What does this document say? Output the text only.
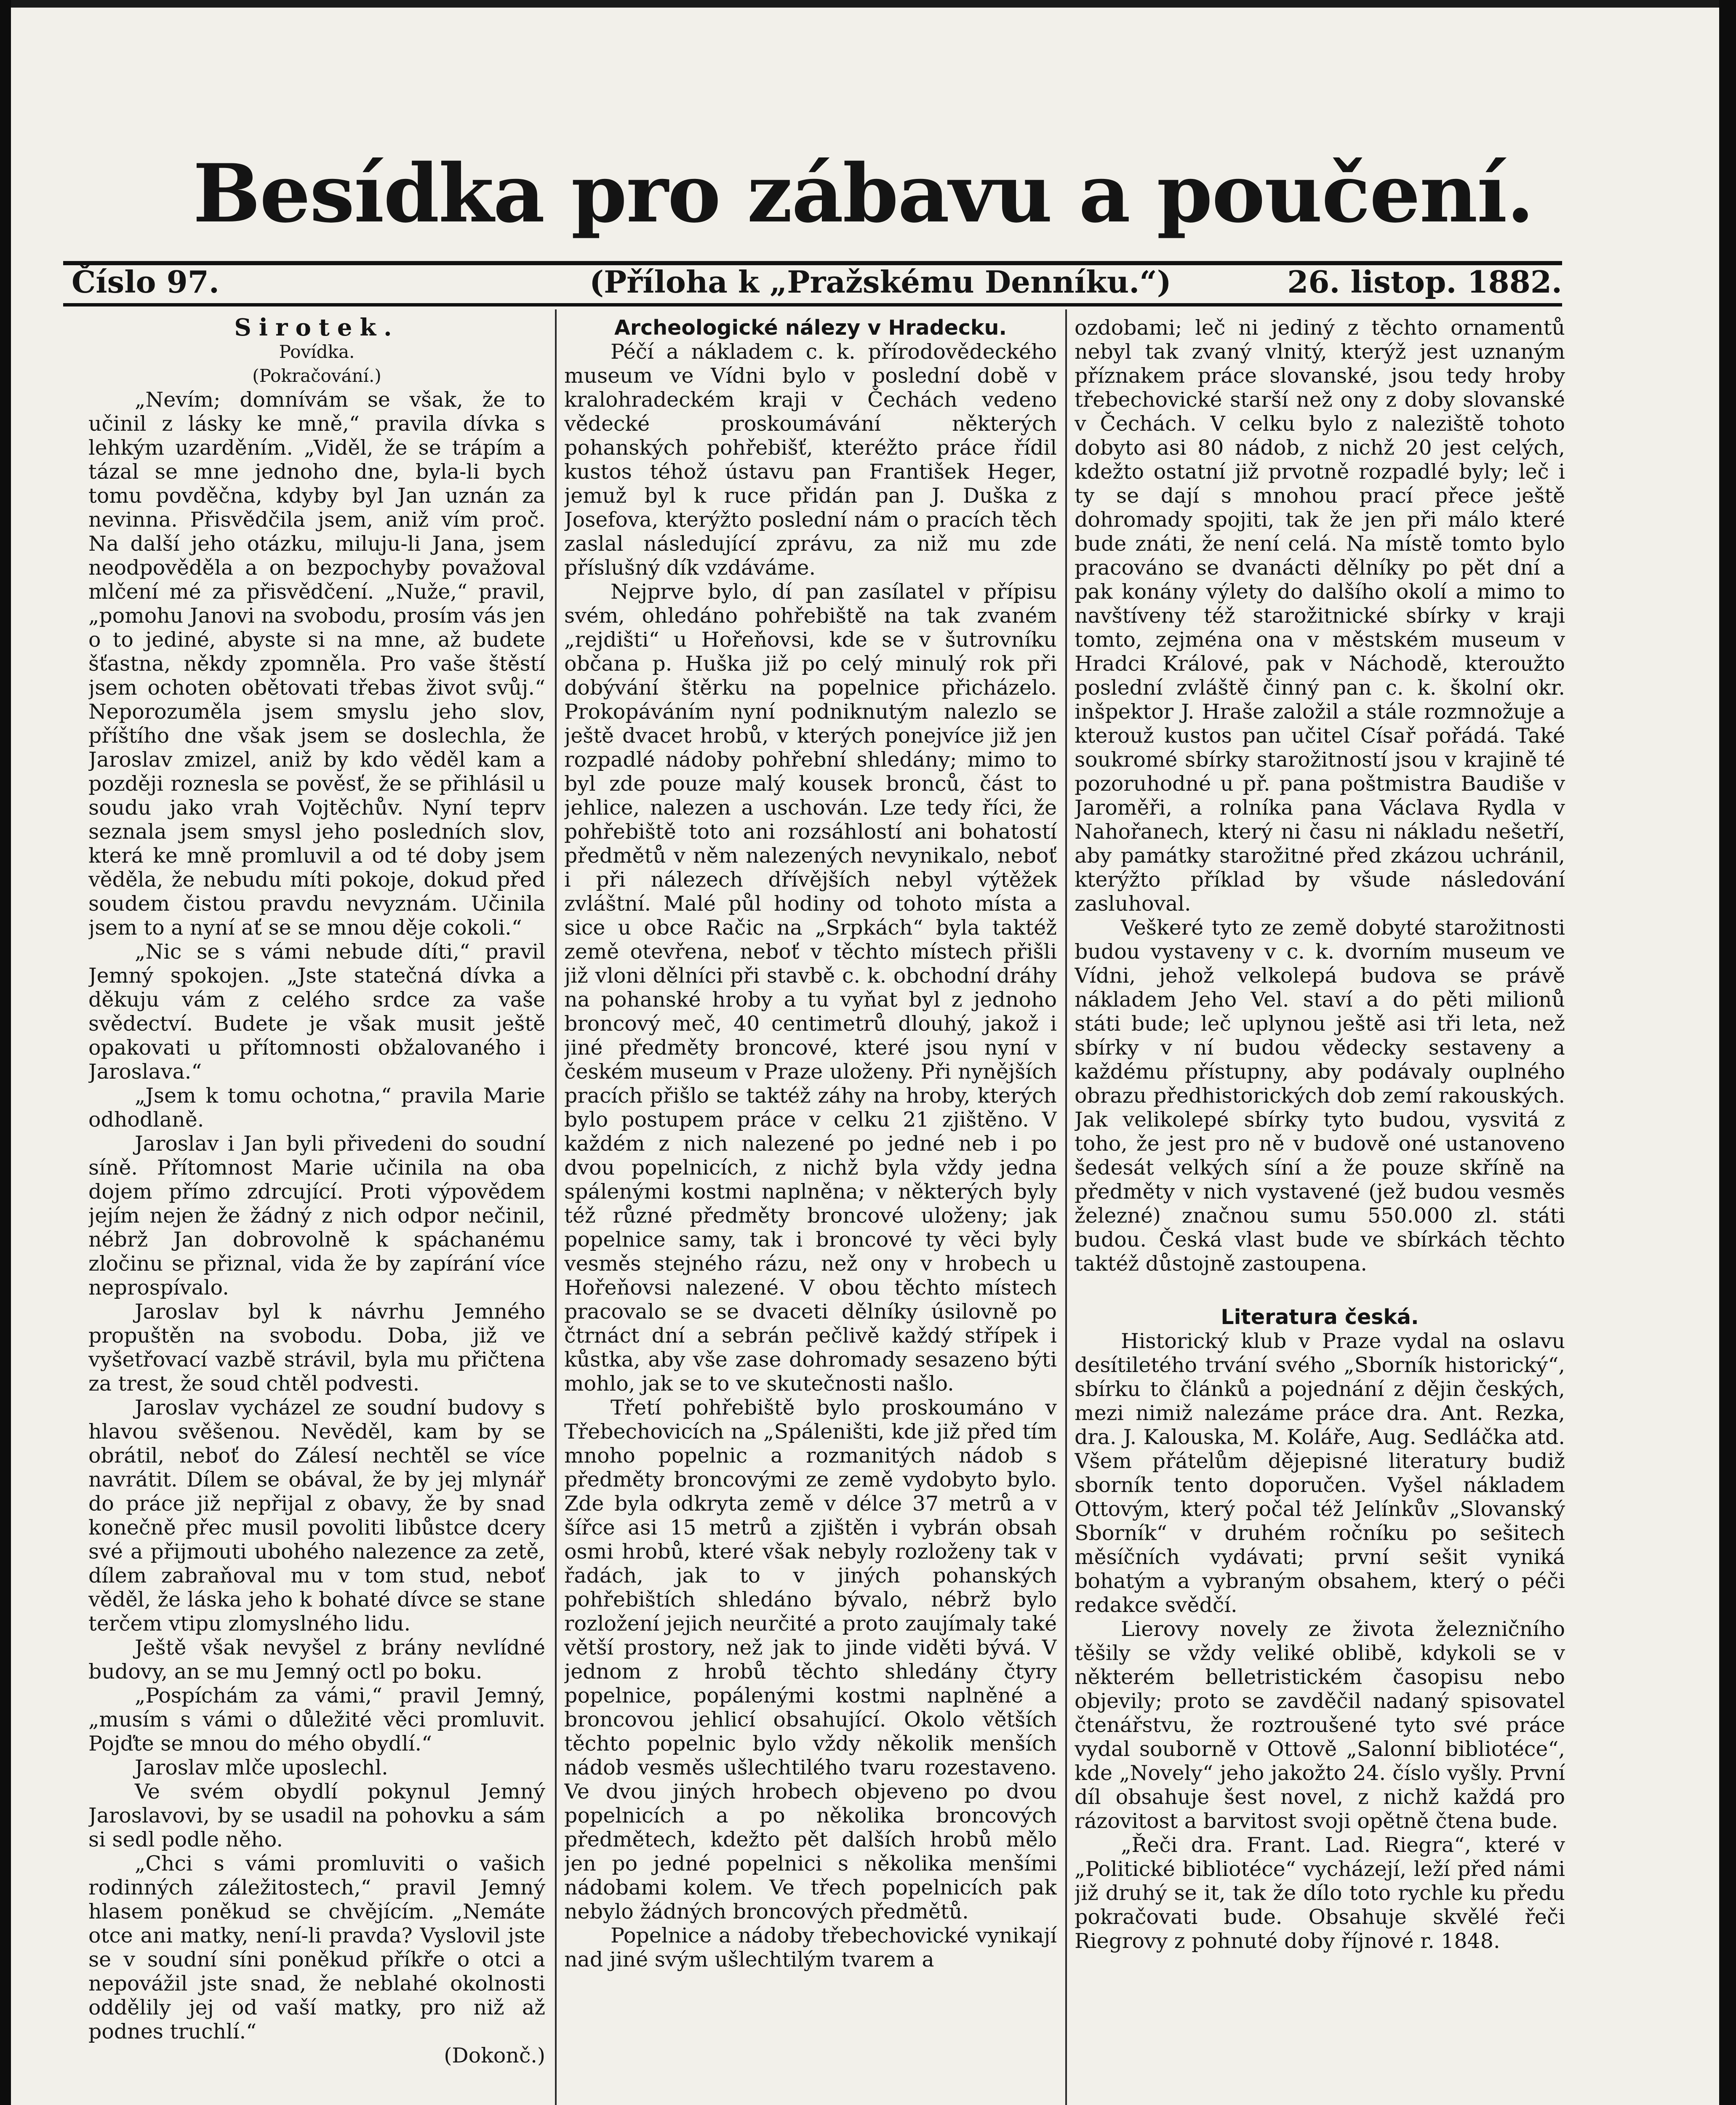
Besídka pro zábavu a poučení.
Číslo 97.	(Příloha k „Pražskému Denníku.“)	26. listop. 1882.

Sirotek.

Povídka.

(Pokračování.)

„Nevím; domnívám se však, že to učinil z lásky ke mně,“ pravila dívka s lehkým uzarděním. „Viděl, že se trápím a tázal se mne jednoho dne, byla-li bych tomu povděčna, kdyby byl Jan uznán za nevinna. Přisvědčila jsem, aniž vím proč. Na další jeho otázku, miluju-li Jana, jsem neodpověděla a on bezpochyby považoval mlčení mé za přisvědčení. „Nuže,“ pravil, „pomohu Janovi na svobodu, prosím vás jen o to jediné, abyste si na mne, až budete šťastna, někdy zpomněla. Pro vaše štěstí jsem ochoten obětovati třebas život svůj.“ Neporozuměla jsem smyslu jeho slov, příštího dne však jsem se doslechla, že Jaroslav zmizel, aniž by kdo věděl kam a později roznesla se pověsť, že se přihlásil u soudu jako vrah Vojtěchův. Nyní teprv seznala jsem smysl jeho posledních slov, která ke mně promluvil a od té doby jsem věděla, že nebudu míti pokoje, dokud před soudem čistou pravdu nevyznám. Učinila jsem to a nyní ať se se mnou děje cokoli.“

„Nic se s vámi nebude díti,“ pravil Jemný spokojen. „Jste statečná dívka a děkuju vám z celého srdce za vaše svědectví. Budete je však musit ještě opakovati u přítomnosti obžalovaného i Jaroslava.“

„Jsem k tomu ochotna,“ pravila Marie odhodlaně.

Jaroslav i Jan byli přivedeni do soudní síně. Přítomnost Marie učinila na oba dojem přímo zdrcující. Proti výpovědem jejím nejen že žádný z nich odpor nečinil, nébrž Jan dobrovolně k spáchanému zločinu se přiznal, vida že by zapírání více neprospívalo.

Jaroslav byl k návrhu Jemného propuštěn na svobodu. Doba, již ve vyšetřovací vazbě strávil, byla mu přičtena za trest, že soud chtěl podvesti.

Jaroslav vycházel ze soudní budovy s hlavou svěšenou. Nevěděl, kam by se obrátil, neboť do Zálesí nechtěl se více navrátit. Dílem se obával, že by jej mlynář do práce již nepřijal z obavy, že by snad konečně přec musil povoliti libůstce dcery své a přijmouti ubohého nalezence za zetě, dílem zabraňoval mu v tom stud, neboť věděl, že láska jeho k bohaté dívce se stane terčem vtipu zlomyslného lidu.

Ještě však nevyšel z brány nevlídné budovy, an se mu Jemný octl po boku.

„Pospíchám za vámi,“ pravil Jemný, „musím s vámi o důležité věci promluvit. Pojďte se mnou do mého obydlí.“

Jaroslav mlče uposlechl.

Ve svém obydlí pokynul Jemný Jaroslavovi, by se usadil na pohovku a sám si sedl podle něho.

„Chci s vámi promluviti o vašich rodinných záležitostech,“ pravil Jemný hlasem poněkud se chvějícím. „Nemáte otce ani matky, není-li pravda? Vyslovil jste se v soudní síni poněkud příkře o otci a nepovážil jste snad, že neblahé okolnosti oddělily jej od vaší matky, pro niž až podnes truchlí.“

(Dokonč.)

Archeologické nálezy v Hradecku.

Péčí a nákladem c. k. přírodovědeckého museum ve Vídni bylo v poslední době v kralohradeckém kraji v Čechách vedeno vědecké proskoumávání některých pohanských pohřebišť, kteréžto práce řídil kustos téhož ústavu pan František Heger, jemuž byl k ruce přidán pan J. Duška z Josefova, kterýžto poslední nám o pracích těch zaslal následující zprávu, za niž mu zde příslušný dík vzdáváme.

Nejprve bylo, dí pan zasílatel v přípisu svém, ohledáno pohřebiště na tak zvaném „rejdišti“ u Hořeňovsi, kde se v šutrovníku občana p. Huška již po celý minulý rok při dobývání štěrku na popelnice přicházelo. Prokopáváním nyní podniknutým nalezlo se ještě dvacet hrobů, v kterých ponejvíce již jen rozpadlé nádoby pohřební shledány; mimo to byl zde pouze malý kousek bronců, část to jehlice, nalezen a uschován. Lze tedy říci, že pohřebiště toto ani rozsáhlostí ani bohatostí předmětů v něm nalezených nevynikalo, neboť i při nálezech dřívějších nebyl výtěžek zvláštní. Malé půl hodiny od tohoto místa a sice u obce Račic na „Srpkách“ byla taktéž země otevřena, neboť v těchto místech přišli již vloni dělníci při stavbě c. k. obchodní dráhy na pohanské hroby a tu vyňat byl z jednoho broncový meč, 40 centimetrů dlouhý, jakož i jiné předměty broncové, které jsou nyní v českém museum v Praze uloženy. Při nynějších pracích přišlo se taktéž záhy na hroby, kterých bylo postupem práce v celku 21 zjištěno. V každém z nich nalezené po jedné neb i po dvou popelnicích, z nichž byla vždy jedna spálenými kostmi naplněna; v některých byly též různé předměty broncové uloženy; jak popelnice samy, tak i broncové ty věci byly vesměs stejného rázu, než ony v hrobech u Hořeňovsi nalezené. V obou těchto místech pracovalo se se dvaceti dělníky úsilovně po čtrnáct dní a sebrán pečlivě každý střípek i kůstka, aby vše zase dohromady sesazeno býti mohlo, jak se to ve skutečnosti našlo.

Třetí pohřebiště bylo proskoumáno v Třebechovicích na „Spáleništi, kde již před tím mnoho popelnic a rozmanitých nádob s předměty broncovými ze země vydobyto bylo. Zde byla odkryta země v délce 37 metrů a v šířce asi 15 metrů a zjištěn i vybrán obsah osmi hrobů, které však nebyly rozloženy tak v řadách, jak to v jiných pohanských pohřebištích shledáno bývalo, nébrž bylo rozložení jejich neurčité a proto zaujímaly také větší prostory, než jak to jinde viděti bývá. V jednom z hrobů těchto shledány čtyry popelnice, popálenými kostmi naplněné a broncovou jehlicí obsahující. Okolo větších těchto popelnic bylo vždy několik menších nádob vesměs ušlechtilého tvaru rozestaveno. Ve dvou jiných hrobech objeveno po dvou popelnicích a po několika broncových předmětech, kdežto pět dalších hrobů mělo jen po jedné popelnici s několika menšími nádobami kolem. Ve třech popelnicích pak nebylo žádných broncových předmětů.

Popelnice a nádoby třebechovické vynikají nad jiné svým ušlechtilým tvarem a

ozdobami; leč ni jediný z těchto ornamentů nebyl tak zvaný vlnitý, kterýž jest uznaným příznakem práce slovanské, jsou tedy hroby třebechovické starší než ony z doby slovanské v Čechách. V celku bylo z naleziště tohoto dobyto asi 80 nádob, z nichž 20 jest celých, kdežto ostatní již prvotně rozpadlé byly; leč i ty se dají s mnohou prací přece ještě dohromady spojiti, tak že jen při málo které bude znáti, že není celá. Na místě tomto bylo pracováno se dvanácti dělníky po pět dní a pak konány výlety do dalšího okolí a mimo to navštíveny též starožitnické sbírky v kraji tomto, zejména ona v městském museum v Hradci Králové, pak v Náchodě, kteroužto poslední zvláště činný pan c. k. školní okr. inšpektor J. Hraše založil a stále rozmnožuje a kterouž kustos pan učitel Císař pořádá. Také soukromé sbírky starožitností jsou v krajině té pozoruhodné u př. pana poštmistra Baudiše v Jaroměři, a rolníka pana Václava Rydla v Nahořanech, který ni času ni nákladu nešetří, aby památky starožitné před zkázou uchránil, kterýžto příklad by všude následování zasluhoval.

Veškeré tyto ze země dobyté starožitnosti budou vystaveny v c. k. dvorním museum ve Vídni, jehož velkolepá budova se právě nákladem Jeho Vel. staví a do pěti milionů státi bude; leč uplynou ještě asi tři leta, než sbírky v ní budou vědecky sestaveny a každému přístupny, aby podávaly ouplného obrazu předhistorických dob zemí rakouských. Jak velikolepé sbírky tyto budou, vysvitá z toho, že jest pro ně v budově oné ustanoveno šedesát velkých síní a že pouze skříně na předměty v nich vystavené (jež budou vesměs železné) značnou sumu 550.000 zl. státi budou. Česká vlast bude ve sbírkách těchto taktéž důstojně zastoupena.

Literatura česká.

Historický klub v Praze vydal na oslavu desítiletého trvání svého „Sborník historický“, sbírku to článků a pojednání z dějin českých, mezi nimiž nalezáme práce dra. Ant. Rezka, dra. J. Kalouska, M. Koláře, Aug. Sedláčka atd. Všem přátelům dějepisné literatury budiž sborník tento doporučen. Vyšel nákladem Ottovým, který počal též Jelínkův „Slovanský Sborník“ v druhém ročníku po sešitech měsíčních vydávati; první sešit vyniká bohatým a vybraným obsahem, který o péči redakce svědčí.

Lierovy novely ze života železničního těšily se vždy veliké oblibě, kdykoli se v některém belletristickém časopisu nebo objevily; proto se zavděčil nadaný spisovatel čtenářstvu, že roztroušené tyto své práce vydal souborně v Ottově „Salonní bibliotéce“, kde „Novely“ jeho jakožto 24. číslo vyšly. První díl obsahuje šest novel, z nichž každá pro rázovitost a barvitost svoji opětně čtena bude.

„Řeči dra. Frant. Lad. Riegra“, které v „Politické bibliotéce“ vycházejí, leží před námi již druhý se it, tak že dílo toto rychle ku předu pokračovati bude. Obsahuje skvělé řeči Riegrovy z pohnuté doby říjnové r. 1848.
